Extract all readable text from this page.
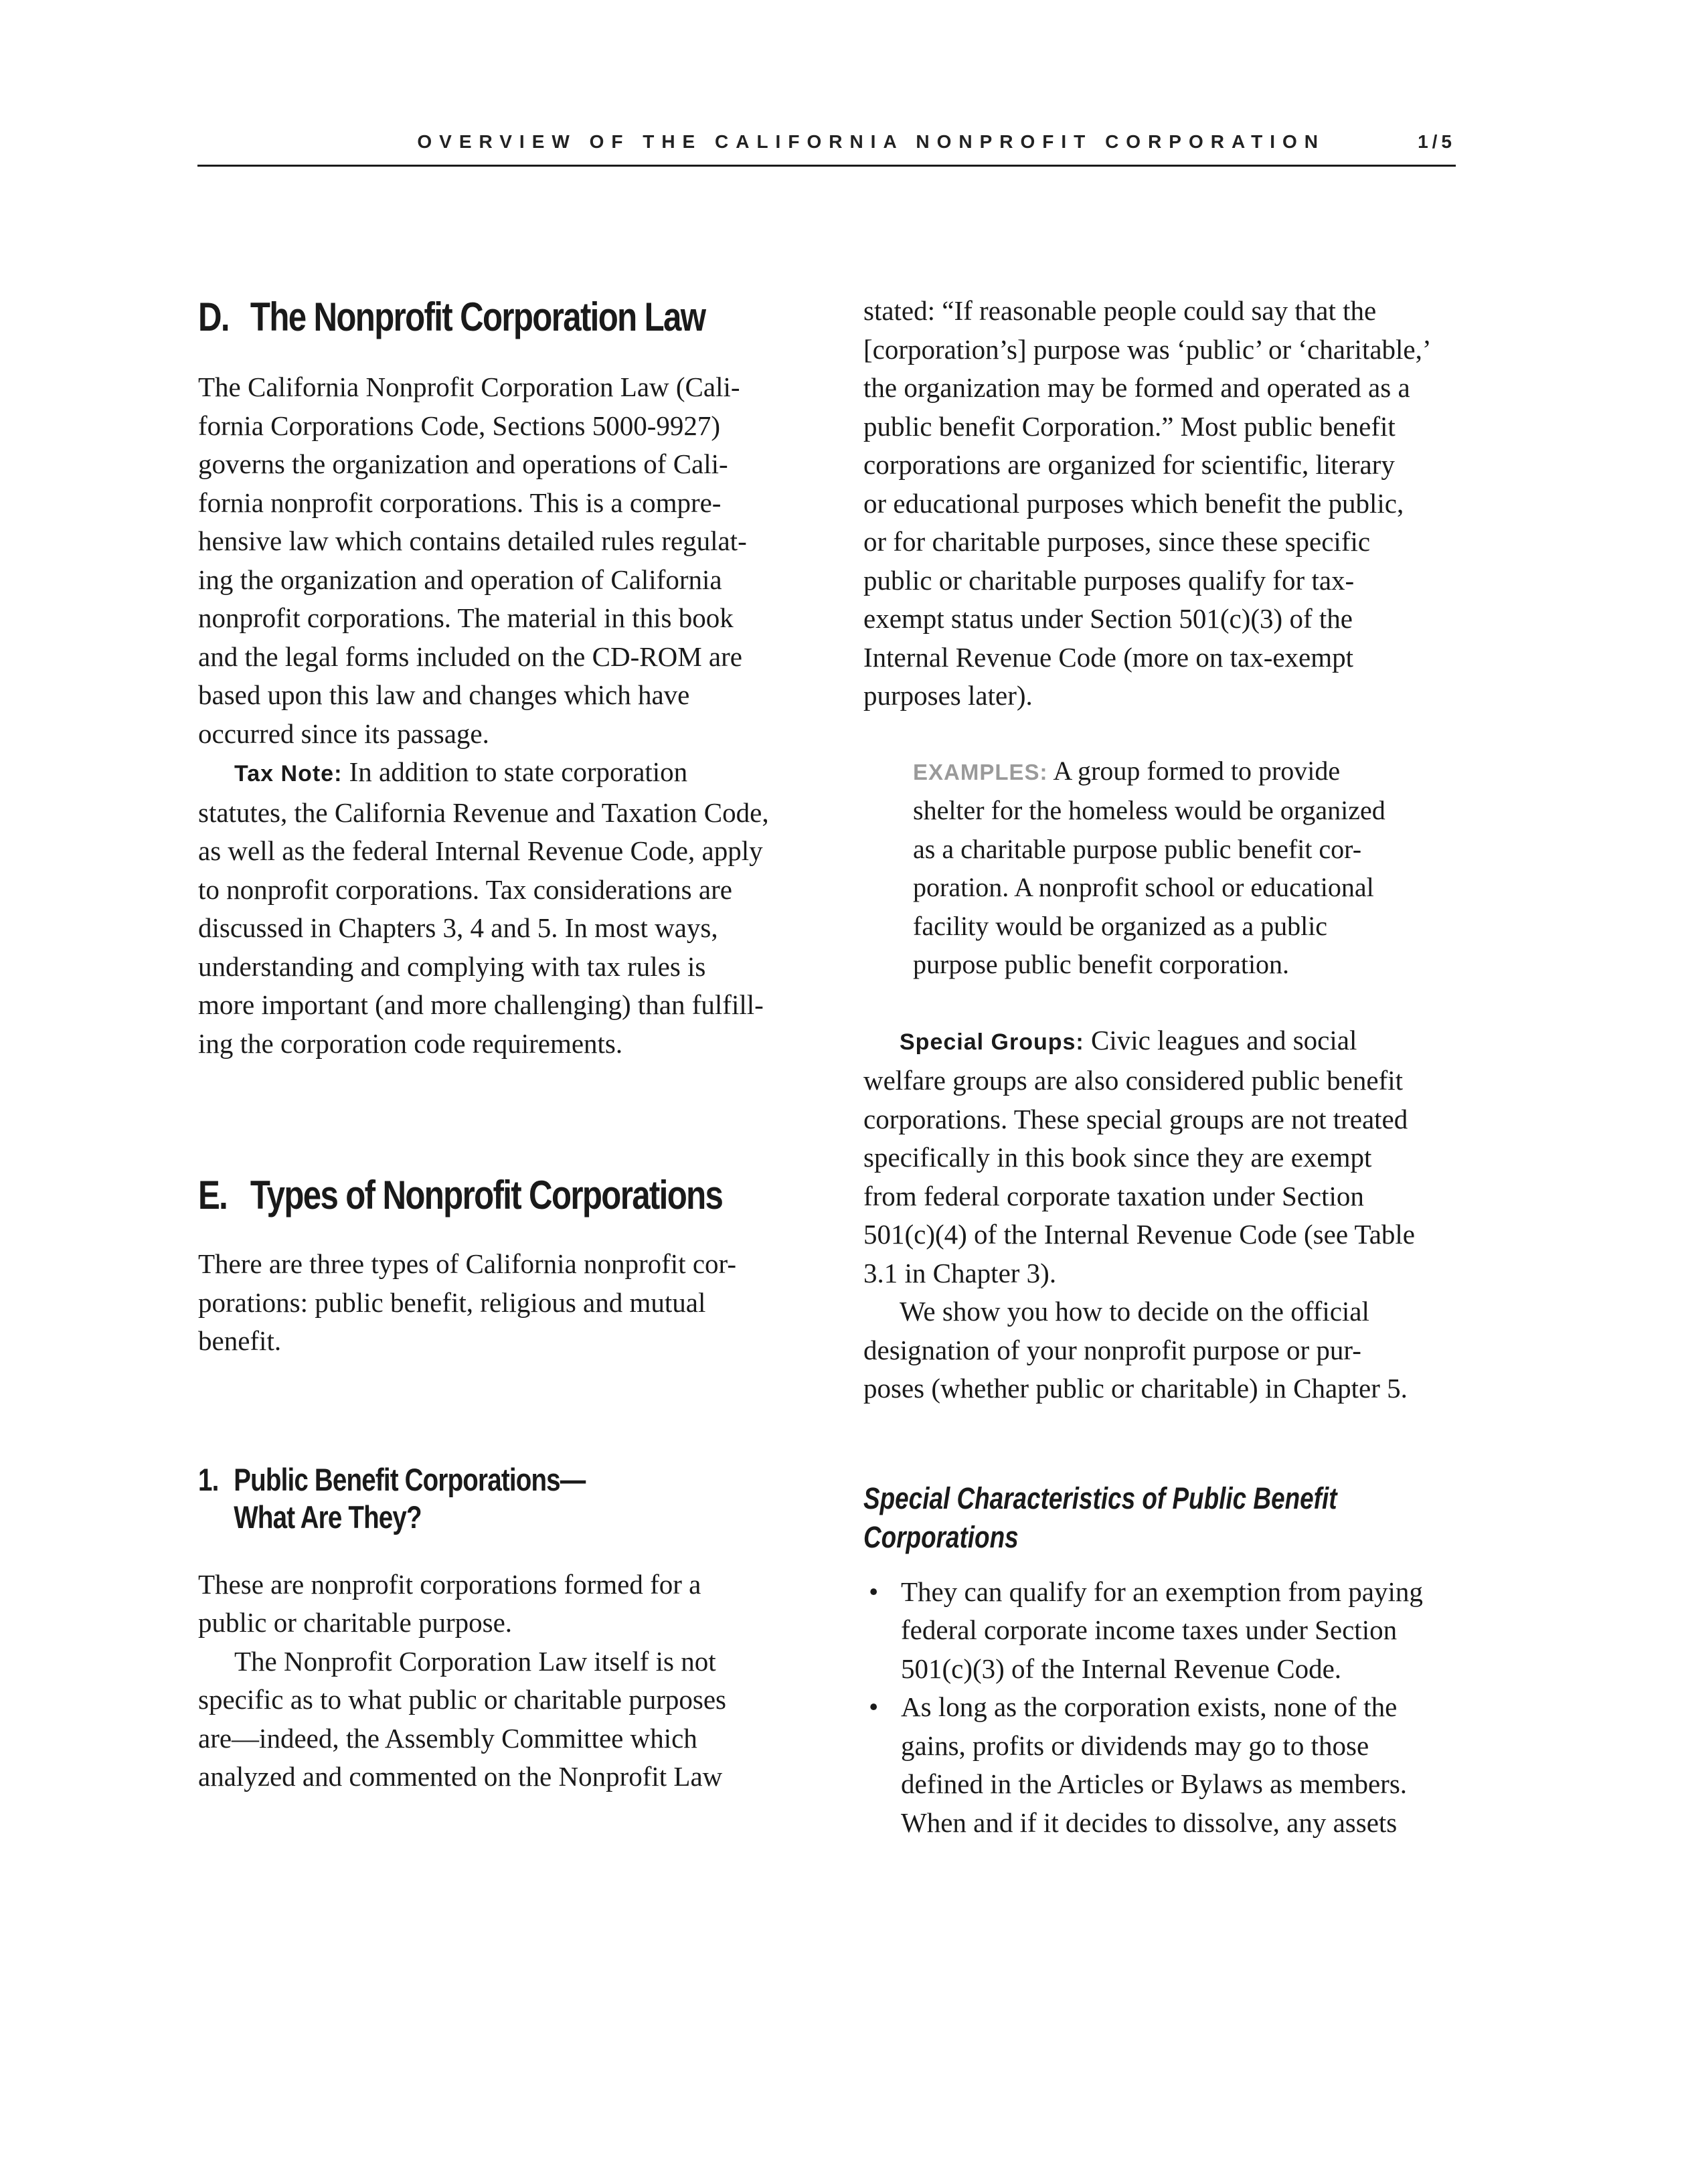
OVERVIEW OF THE CALIFORNIA NONPROFIT CORPORATION	1/5
D. The Nonprofit Corporation Law

The California Nonprofit Corporation Law (Cali-
fornia Corporations Code, Sections 5000-9927)
governs the organization and operations of Cali-
fornia nonprofit corporations. This is a compre-
hensive law which contains detailed rules regulat-
ing the organization and operation of California
nonprofit corporations. The material in this book
and the legal forms included on the CD-ROM are
based upon this law and changes which have
occurred since its passage.

Tax Note: In addition to state corporation
statutes, the California Revenue and Taxation Code,
as well as the federal Internal Revenue Code, apply
to nonprofit corporations. Tax considerations are
discussed in Chapters 3, 4 and 5. In most ways,
understanding and complying with tax rules is
more important (and more challenging) than fulfill-
ing the corporation code requirements.

E. Types of Nonprofit Corporations

There are three types of California nonprofit cor-
porations: public benefit, religious and mutual
benefit.

1. Public Benefit Corporations—
What Are They?

These are nonprofit corporations formed for a
public or charitable purpose.

The Nonprofit Corporation Law itself is not
specific as to what public or charitable purposes
are—indeed, the Assembly Committee which
analyzed and commented on the Nonprofit Law

stated: “If reasonable people could say that the
[corporation’s] purpose was ‘public’ or ‘charitable,’
the organization may be formed and operated as a
public benefit Corporation.” Most public benefit
corporations are organized for scientific, literary
or educational purposes which benefit the public,
or for charitable purposes, since these specific
public or charitable purposes qualify for tax-
exempt status under Section 501(c)(3) of the
Internal Revenue Code (more on tax-exempt
purposes later).

EXAMPLES: A group formed to provide
shelter for the homeless would be organized
as a charitable purpose public benefit cor-
poration. A nonprofit school or educational
facility would be organized as a public
purpose public benefit corporation.

Special Groups: Civic leagues and social
welfare groups are also considered public benefit
corporations. These special groups are not treated
specifically in this book since they are exempt
from federal corporate taxation under Section
501(c)(4) of the Internal Revenue Code (see Table
3.1 in Chapter 3).

We show you how to decide on the official
designation of your nonprofit purpose or pur-
poses (whether public or charitable) in Chapter 5.

Special Characteristics of Public Benefit
Corporations
• They can qualify for an exemption from paying
federal corporate income taxes under Section
501(c)(3) of the Internal Revenue Code.
• As long as the corporation exists, none of the
gains, profits or dividends may go to those
defined in the Articles or Bylaws as members.
When and if it decides to dissolve, any assets
